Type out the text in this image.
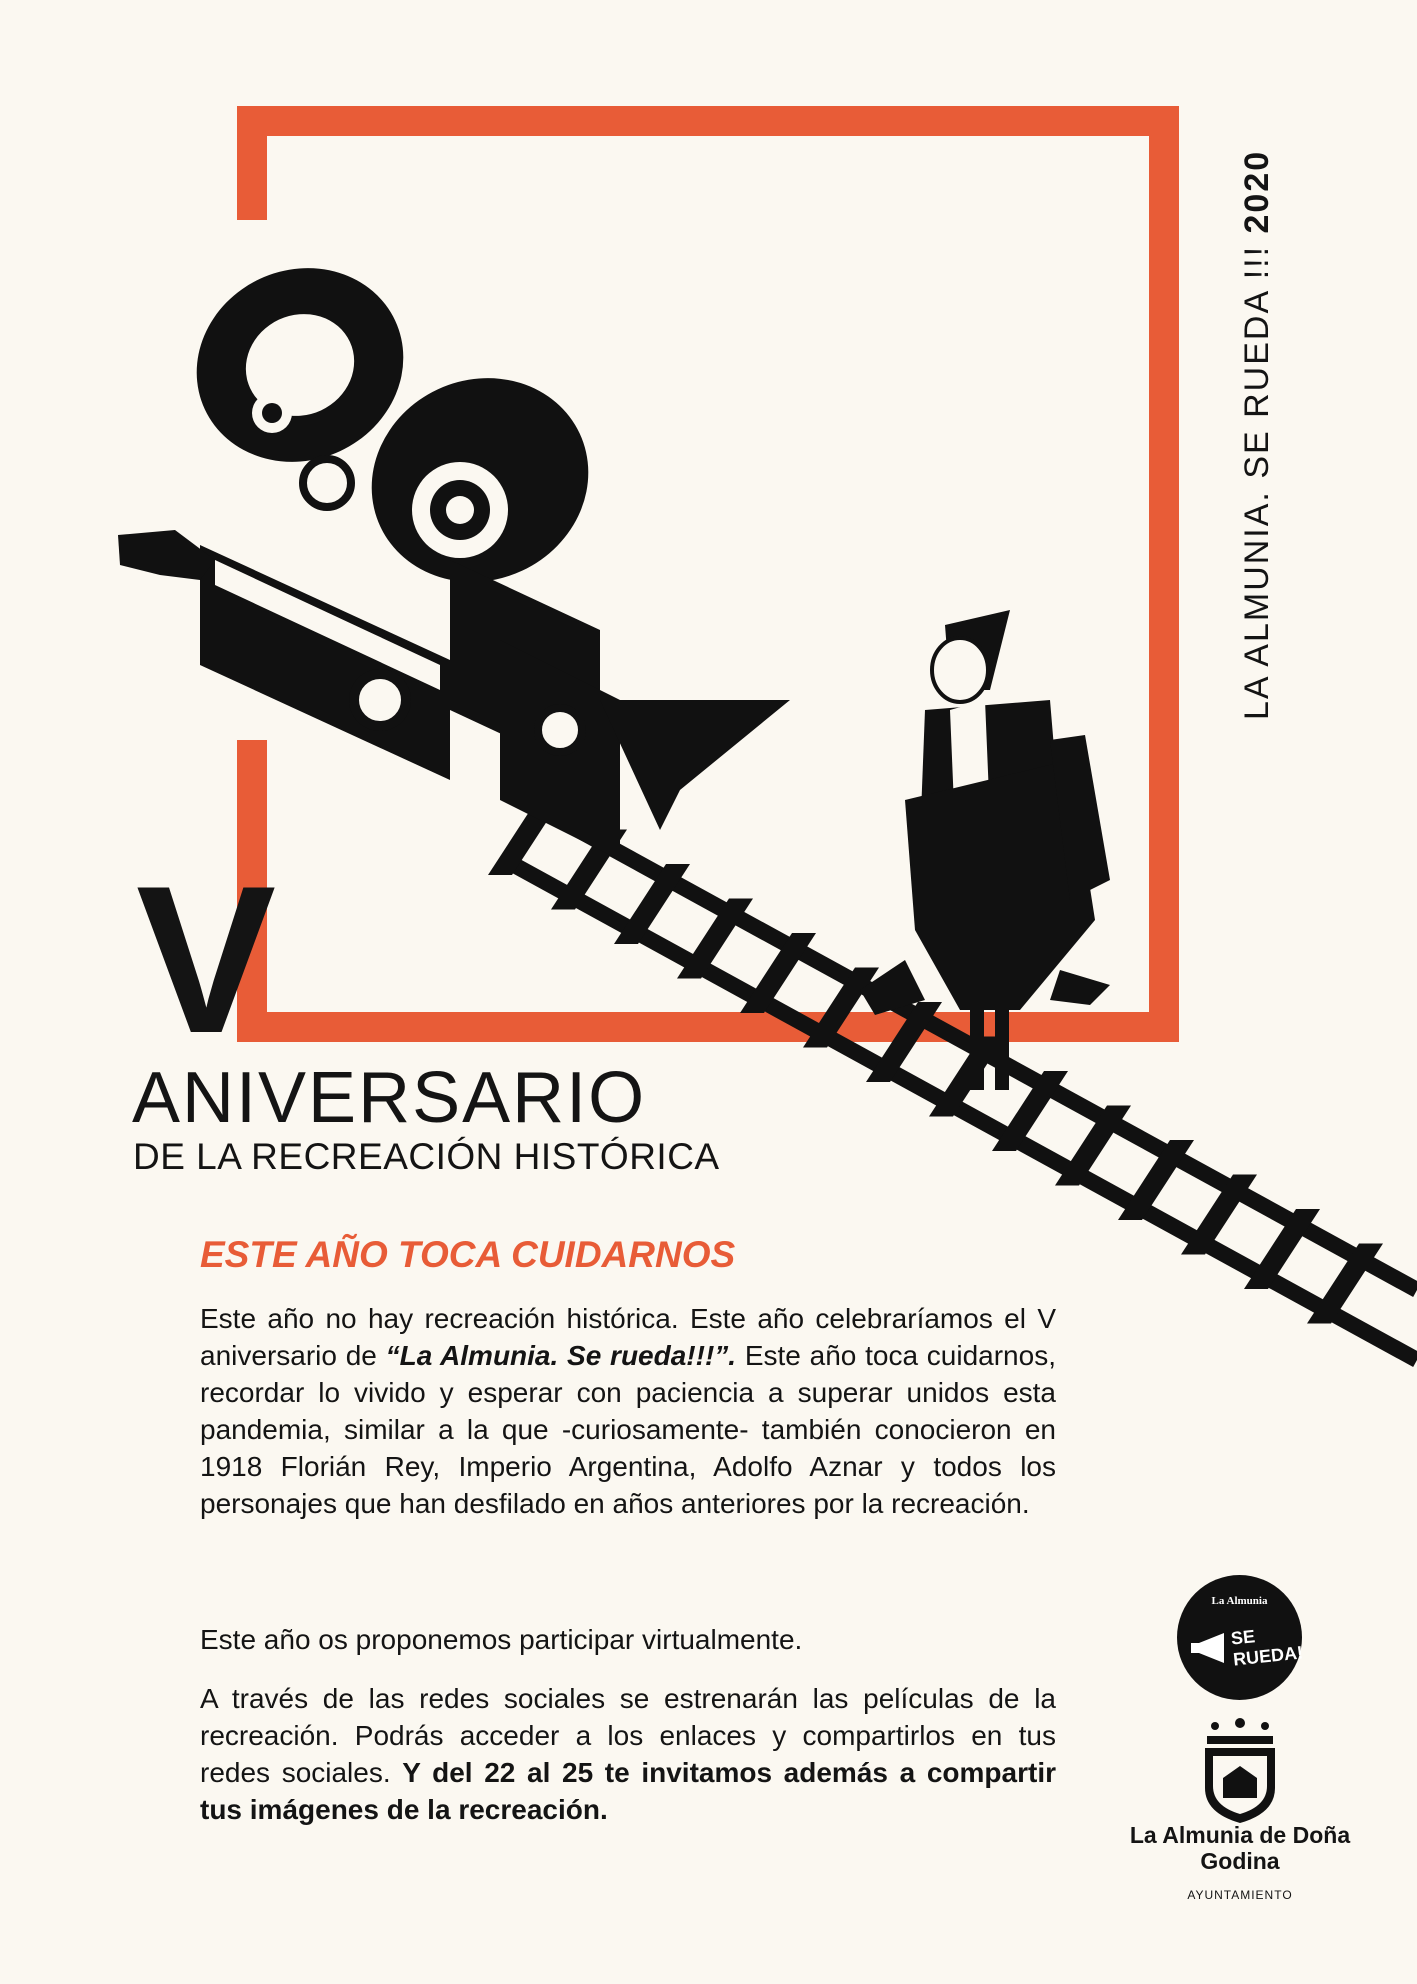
LA ALMUNIA. SE RUEDA !!! 2020
V
ANIVERSARIO
DE LA RECREACIÓN HISTÓRICA
ESTE AÑO TOCA CUIDARNOS
Este año no hay recreación histórica. Este año celebraríamos el V aniversario de “La Almunia. Se rueda!!!”. Este año toca cuidarnos, recordar lo vivido y esperar con paciencia a superar unidos esta pandemia, similar a la que -curiosamente- también conocieron en 1918 Florián Rey, Imperio Argentina, Adolfo Aznar y todos los personajes que han desfilado en años anteriores por la recreación.
Este año os proponemos participar virtualmente.
A través de las redes sociales se estrenarán las películas de la recreación. Podrás acceder a los enlaces y compartirlos en tus redes sociales. Y del 22 al 25 te invitamos además a compartir tus imágenes de la recreación.
La Almunia
SE RUEDA!
La Almunia de Doña Godina
AYUNTAMIENTO
